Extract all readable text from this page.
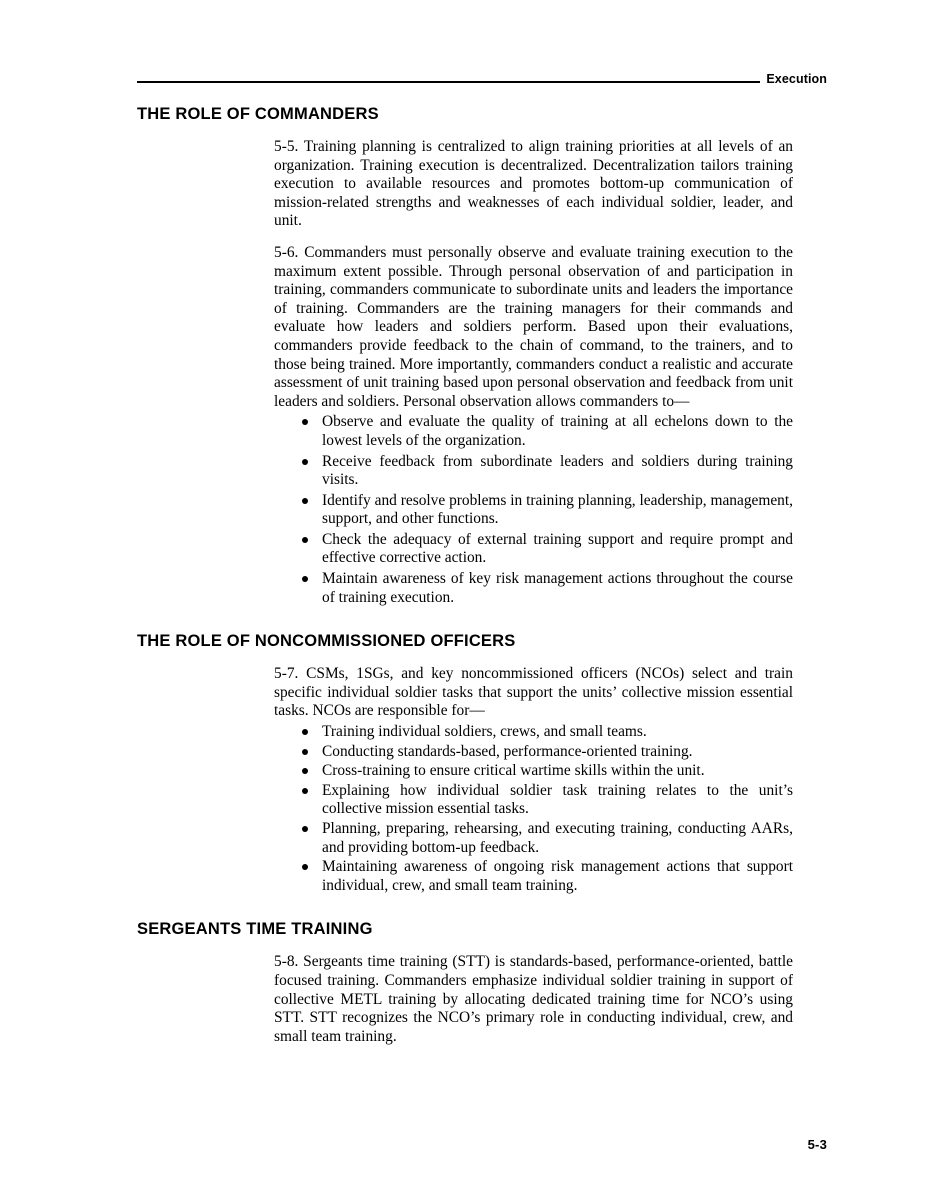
Execution
THE ROLE OF COMMANDERS

5-5. Training planning is centralized to align training priorities at all levels of an organization. Training execution is decentralized. Decentralization tailors training execution to available resources and promotes bottom-up communication of mission-related strengths and weaknesses of each individual soldier, leader, and unit.

5-6. Commanders must personally observe and evaluate training execution to the maximum extent possible. Through personal observation of and participation in training, commanders communicate to subordinate units and leaders the importance of training. Commanders are the training managers for their commands and evaluate how leaders and soldiers perform. Based upon their evaluations, commanders provide feedback to the chain of command, to the trainers, and to those being trained. More importantly, commanders conduct a realistic and accurate assessment of unit training based upon personal observation and feedback from unit leaders and soldiers. Personal observation allows commanders to—

Observe and evaluate the quality of training at all echelons down to the lowest levels of the organization.
Receive feedback from subordinate leaders and soldiers during training visits.
Identify and resolve problems in training planning, leadership, management, support, and other functions.
Check the adequacy of external training support and require prompt and effective corrective action.
Maintain awareness of key risk management actions throughout the course of training execution.
THE ROLE OF NONCOMMISSIONED OFFICERS

5-7. CSMs, 1SGs, and key noncommissioned officers (NCOs) select and train specific individual soldier tasks that support the units’ collective mission essential tasks. NCOs are responsible for—

Training individual soldiers, crews, and small teams.
Conducting standards-based, performance-oriented training.
Cross-training to ensure critical wartime skills within the unit.
Explaining how individual soldier task training relates to the unit’s collective mission essential tasks.
Planning, preparing, rehearsing, and executing training, conducting AARs, and providing bottom-up feedback.
Maintaining awareness of ongoing risk management actions that support individual, crew, and small team training.
SERGEANTS TIME TRAINING

5-8. Sergeants time training (STT) is standards-based, performance-oriented, battle focused training. Commanders emphasize individual soldier training in support of collective METL training by allocating dedicated training time for NCO’s using STT. STT recognizes the NCO’s primary role in conducting individual, crew, and small team training.

5-3
